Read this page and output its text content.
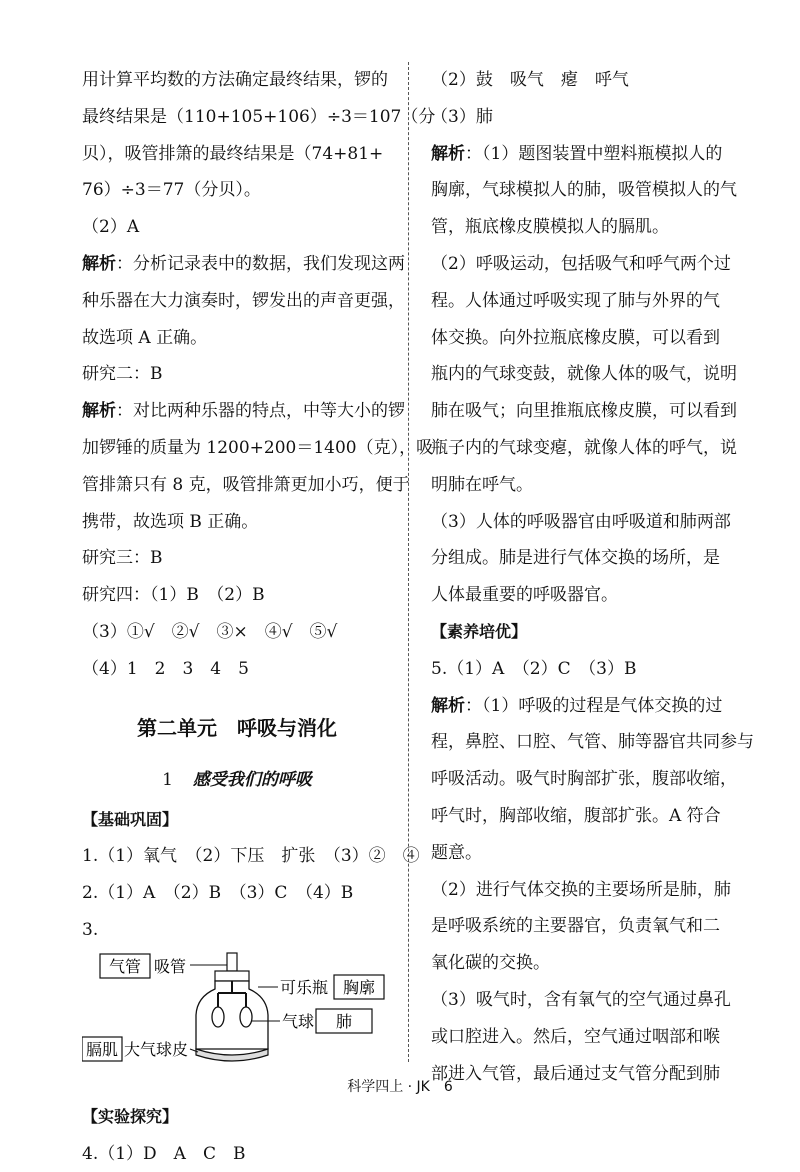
用计算平均数的方法确定最终结果，锣的
最终结果是（110+105+106）÷3＝107（分
贝），吸管排箫的最终结果是（74+81+
76）÷3＝77（分贝）。
（2）A
解析：分析记录表中的数据，我们发现这两
种乐器在大力演奏时，锣发出的声音更强，
故选项 A 正确。
研究二：B
解析：对比两种乐器的特点，中等大小的锣
加锣锤的质量为 1200+200＝1400（克），吸
管排箫只有 8 克，吸管排箫更加小巧，便于
携带，故选项 B 正确。
研究三：B
研究四：（1）B　（2）B
（3）①√　②√　③×　④√　⑤√
（4）1　2　3　4　5
第二单元　呼吸与消化
1 感受我们的呼吸
【基础巩固】
1.（1）氧气　（2）下压　扩张　（3）②　④
2.（1）A　（2）B　（3）C　（4）B
3.
气管 吸管
可乐瓶 胸廓
气球 肺
膈肌 大气球皮
【实验探究】
4.（1）D　A　C　B
（2）鼓　吸气　瘪　呼气
（3）肺
解析：（1）题图装置中塑料瓶模拟人的
胸廓，气球模拟人的肺，吸管模拟人的气
管，瓶底橡皮膜模拟人的膈肌。
（2）呼吸运动，包括吸气和呼气两个过
程。人体通过呼吸实现了肺与外界的气
体交换。向外拉瓶底橡皮膜，可以看到
瓶内的气球变鼓，就像人体的吸气，说明
肺在吸气；向里推瓶底橡皮膜，可以看到
瓶子内的气球变瘪，就像人体的呼气，说
明肺在呼气。
（3）人体的呼吸器官由呼吸道和肺两部
分组成。肺是进行气体交换的场所，是
人体最重要的呼吸器官。
【素养培优】
5.（1）A　（2）C　（3）B
解析：（1）呼吸的过程是气体交换的过
程，鼻腔、口腔、气管、肺等器官共同参与
呼吸活动。吸气时胸部扩张，腹部收缩，
呼气时，胸部收缩，腹部扩张。A 符合
题意。
（2）进行气体交换的主要场所是肺，肺
是呼吸系统的主要器官，负责氧气和二
氧化碳的交换。
（3）吸气时，含有氧气的空气通过鼻孔
或口腔进入。然后，空气通过咽部和喉
部进入气管，最后通过支气管分配到肺
科学四上 · JK　6
